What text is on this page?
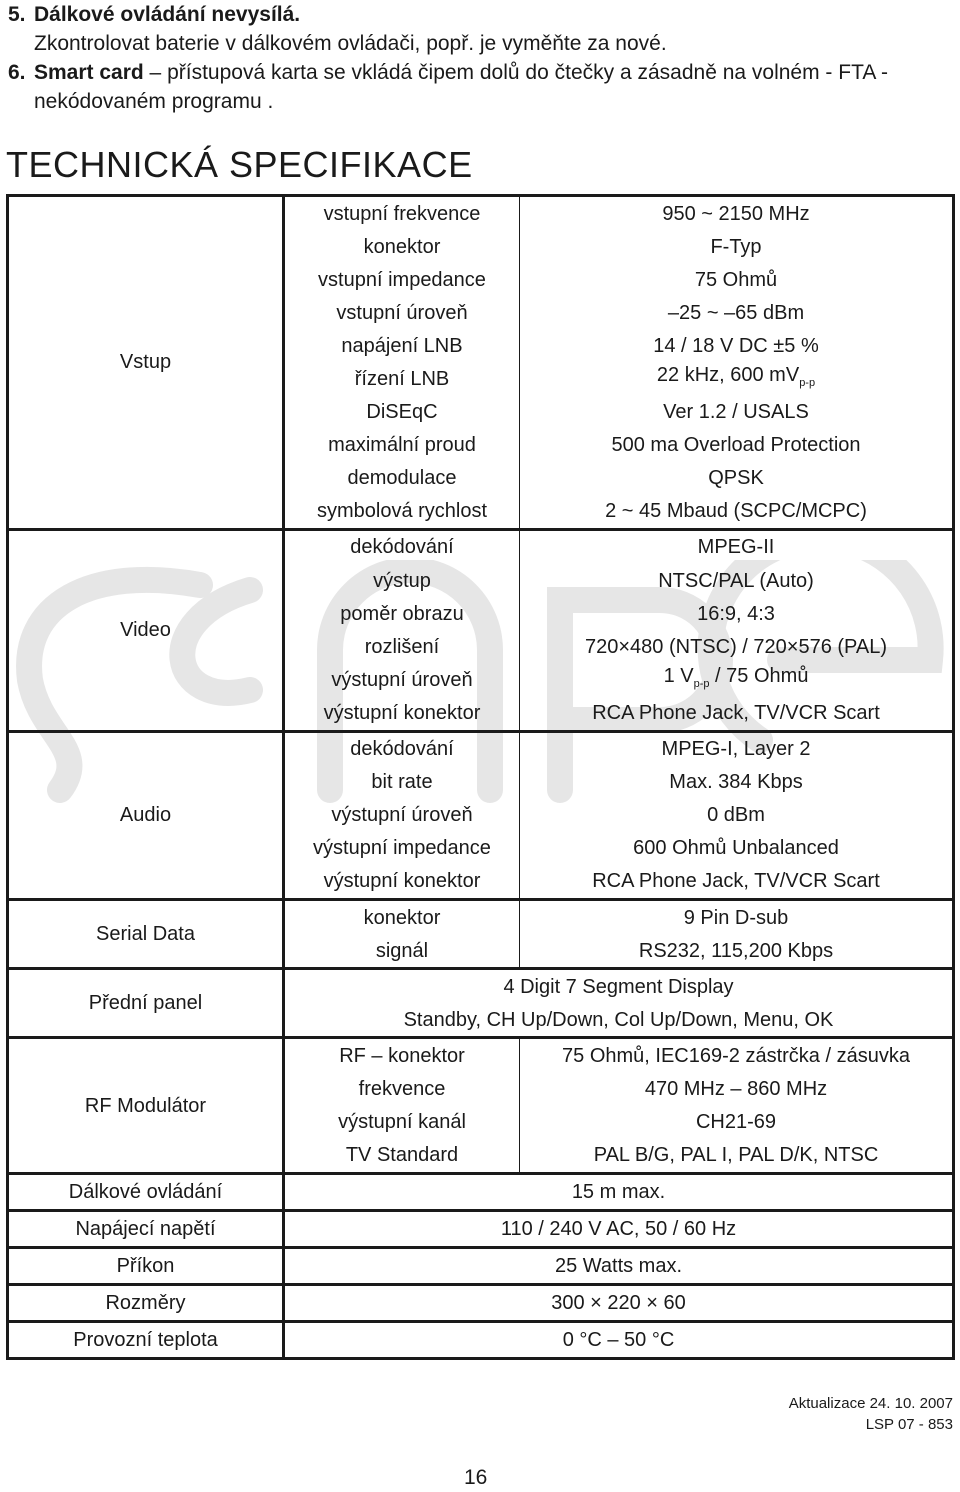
5. Dálkové ovládání nevysílá.
Zkontrolovat baterie v dálkovém ovládači, popř. je vyměňte za nové.
6. Smart card – přístupová karta se vkládá čipem dolů do čtečky a zásadně na volném - FTA - nekódovaném programu .
TECHNICKÁ SPECIFIKACE
Vstup	vstupní frekvence	950 ~ 2150 MHz
	konektor	F-Typ
	vstupní impedance	75 Ohmů
	vstupní úroveň	–25 ~ –65 dBm
	napájení LNB	14 / 18 V DC ±5 %
	řízení LNB	22 kHz, 600 $mV_{p-p}$
	DiSEqC	Ver 1.2 / USALS
	maximální proud	500 ma Overload Protection
	demodulace	QPSK
	symbolová rychlost	2 ~ 45 Mbaud (SCPC/MCPC)
Video	dekódování	MPEG-II
	výstup	NTSC/PAL (Auto)
	poměr obrazu	16:9, 4:3
	rozlišení	720×480 (NTSC) / 720×576 (PAL)
	výstupní úroveň	1 $V_{p-p} / 75$ Ohmů
	výstupní konektor	RCA Phone Jack, TV/VCR Scart
Audio	dekódování	MPEG-I, Layer 2
	bit rate	Max. 384 Kbps
	výstupní úroveň	0 dBm
	výstupní impedance	600 Ohmů Unbalanced
	výstupní konektor	RCA Phone Jack, TV/VCR Scart
Serial Data	konektor	9 Pin D-sub
	signál	RS232, 115,200 Kbps
Přední panel	4 Digit 7 Segment Display	
	Standby, CH Up/Down, Col Up/Down, Menu, OK	
RF Modulátor	RF – konektor	75 Ohmů, IEC169-2 zástrčka / zásuvka
	frekvence	470 MHz – 860 MHz
	výstupní kanál	CH21-69
	TV Standard	PAL B/G, PAL I, PAL D/K, NTSC
Dálkové ovládání	15 m max.	
Napájecí napětí	110 / 240 V AC, 50 / 60 Hz	
Příkon	25 Watts max.	
Rozměry	300 × 220 × 60	
Provozní teplota	0 °C – 50 °C	
Aktualizace 24. 10. 2007
LSP 07 - 853
16
